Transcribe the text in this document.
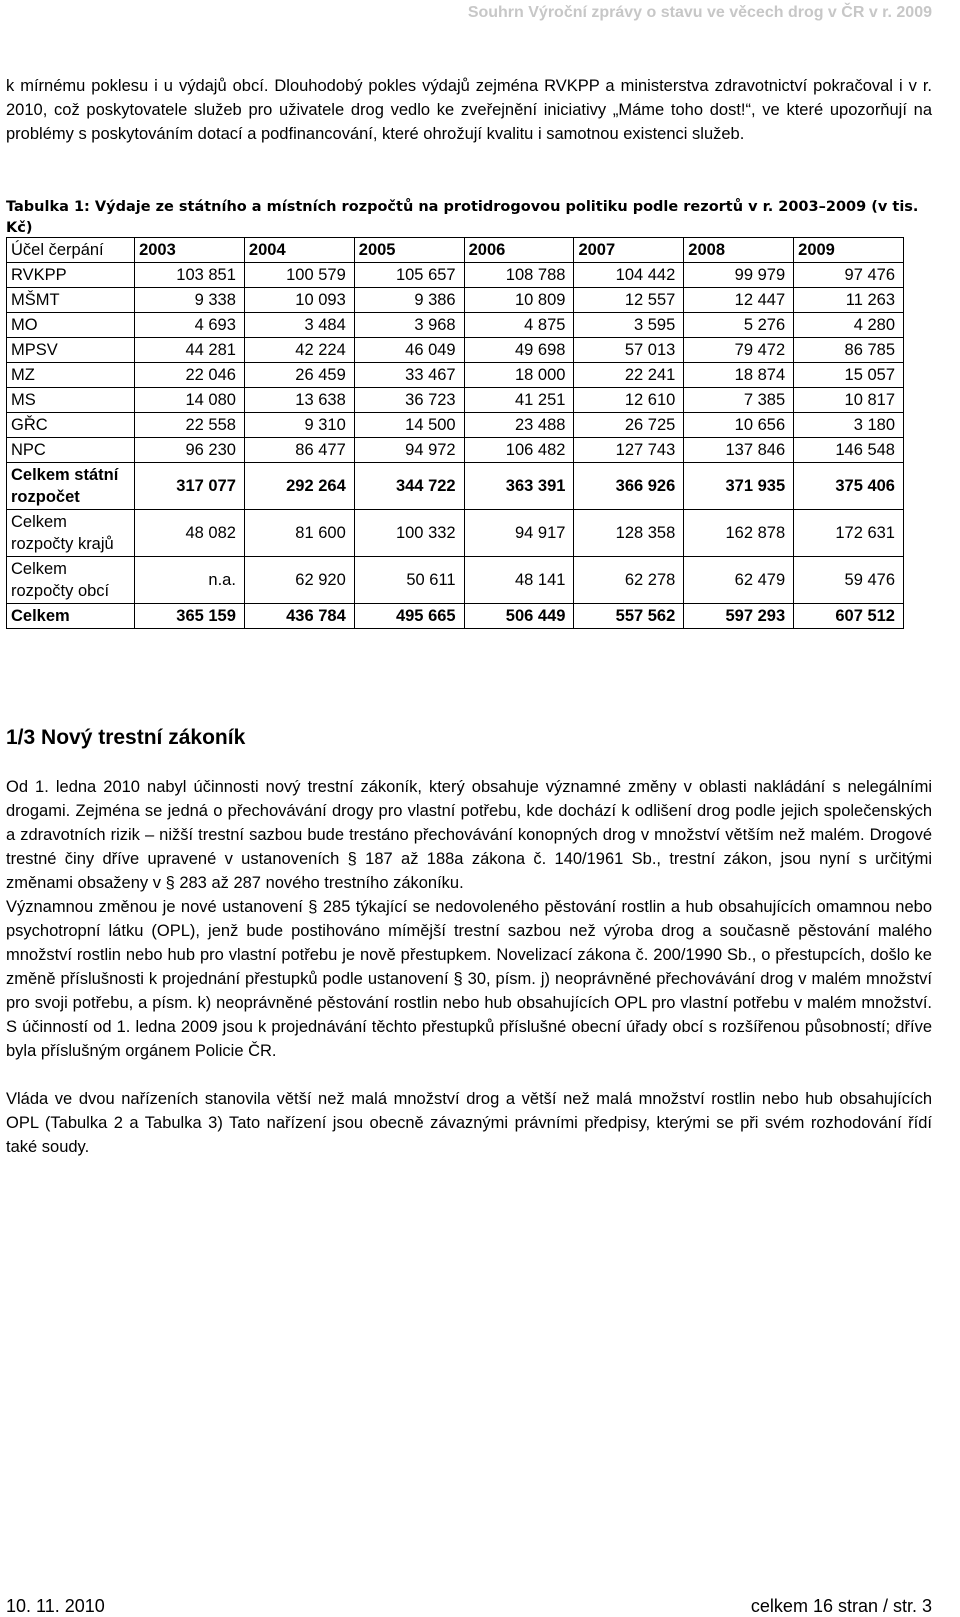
Souhrn Výroční zprávy o stavu ve věcech drog v ČR v r. 2009

k mírnému poklesu i u výdajů obcí. Dlouhodobý pokles výdajů zejména RVKPP a ministerstva zdravotnictví pokračoval i v r. 2010, což poskytovatele služeb pro uživatele drog vedlo ke zveřejnění iniciativy „Máme toho dost!“, ve které upozorňují na problémy s poskytováním dotací a podfinancování, které ohrožují kvalitu i samotnou existenci služeb.

Tabulka 1: Výdaje ze státního a místních rozpočtů na protidrogovou politiku podle rezortů v r. 2003–2009 (v tis. Kč)
Účel čerpání	2003	2004	2005	2006	2007	2008	2009
RVKPP	103 851	100 579	105 657	108 788	104 442	99 979	97 476
MŠMT	9 338	10 093	9 386	10 809	12 557	12 447	11 263
MO	4 693	3 484	3 968	4 875	3 595	5 276	4 280
MPSV	44 281	42 224	46 049	49 698	57 013	79 472	86 785
MZ	22 046	26 459	33 467	18 000	22 241	18 874	15 057
MS	14 080	13 638	36 723	41 251	12 610	7 385	10 817
GŘC	22 558	9 310	14 500	23 488	26 725	10 656	3 180
NPC	96 230	86 477	94 972	106 482	127 743	137 846	146 548
Celkem státní rozpočet	317 077	292 264	344 722	363 391	366 926	371 935	375 406
Celkem rozpočty krajů	48 082	81 600	100 332	94 917	128 358	162 878	172 631
Celkem rozpočty obcí	n.a.	62 920	50 611	48 141	62 278	62 479	59 476
Celkem	365 159	436 784	495 665	506 449	557 562	597 293	607 512
1/3 Nový trestní zákoník

Od 1. ledna 2010 nabyl účinnosti nový trestní zákoník, který obsahuje významné změny v oblasti nakládání s nelegálními drogami. Zejména se jedná o přechovávání drogy pro vlastní potřebu, kde dochází k odlišení drog podle jejich společenských a zdravotních rizik – nižší trestní sazbou bude trestáno přechovávání konopných drog v množství větším než malém. Drogové trestné činy dříve upravené v ustanoveních § 187 až 188a zákona č. 140/1961 Sb., trestní zákon, jsou nyní s určitými změnami obsaženy v § 283 až 287 nového trestního zákoníku.

Významnou změnou je nové ustanovení § 285 týkající se nedovoleného pěstování rostlin a hub obsahujících omamnou nebo psychotropní látku (OPL), jenž bude postihováno mímější trestní sazbou než výroba drog a současně pěstování malého množství rostlin nebo hub pro vlastní potřebu je nově přestupkem. Novelizací zákona č. 200/1990 Sb., o přestupcích, došlo ke změně příslušnosti k projednání přestupků podle ustanovení § 30, písm. j) neoprávněné přechovávání drog v malém množství pro svoji potřebu, a písm. k) neoprávněné pěstování rostlin nebo hub obsahujících OPL pro vlastní potřebu v malém množství. S účinností od 1. ledna 2009 jsou k projednávání těchto přestupků příslušné obecní úřady obcí s rozšířenou působností; dříve byla příslušným orgánem Policie ČR.

Vláda ve dvou nařízeních stanovila větší než malá množství drog a větší než malá množství rostlin nebo hub obsahujících OPL (Tabulka 2 a Tabulka 3) Tato nařízení jsou obecně závaznými právními předpisy, kterými se při svém rozhodování řídí také soudy.

10. 11. 2010	celkem 16 stran / str. 3
